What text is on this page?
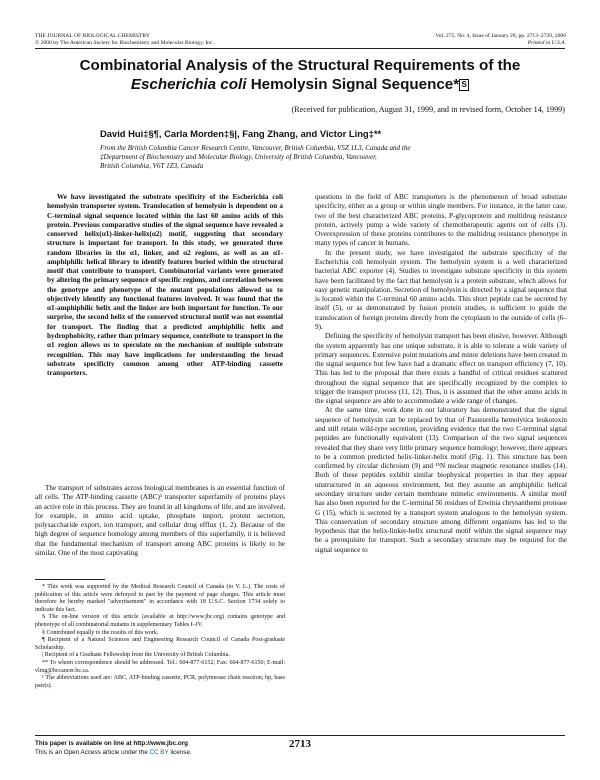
THE JOURNAL OF BIOLOGICAL CHEMISTRY
© 2000 by The American Society for Biochemistry and Molecular Biology, Inc.
Vol. 275, No. 4, Issue of January 28, pp. 2713–2720, 2000
Printed in U.S.A.
Combinatorial Analysis of the Structural Requirements of the
Escherichia coli Hemolysin Signal Sequence* S
(Received for publication, August 31, 1999, and in revised form, October 14, 1999)
David Hui‡§¶, Carla Morden‡§|, Fang Zhang, and Victor Ling‡**
From the British Columbia Cancer Research Centre, Vancouver, British Columbia, V5Z 1L3, Canada and the
‡Department of Biochemistry and Molecular Biology, University of British Columbia, Vancouver,
British Columbia, V6T 1Z3, Canada

We have investigated the substrate specificity of the Escherichia coli hemolysin transporter system. Translocation of hemolysin is dependent on a C-terminal signal sequence located within the last 60 amino acids of this protein. Previous comparative studies of the signal sequence have revealed a conserved helix(α1)-linker-helix(α2) motif, suggesting that secondary structure is important for transport. In this study, we generated three random libraries in the α1, linker, and α2 regions, as well as an α1-amphiphilic helical library to identify features buried within the structural motif that contribute to transport. Combinatorial variants were generated by altering the primary sequence of specific regions, and correlation between the genotype and phenotype of the mutant populations allowed us to objectively identify any functional features involved. It was found that the α1-amphiphilic helix and the linker are both important for function. To our surprise, the second helix of the conserved structural motif was not essential for transport. The finding that a predicted amphiphilic helix and hydrophobicity, rather than primary sequence, contribute to transport in the α1 region allows us to speculate on the mechanism of multiple substrate recognition. This may have implications for understanding the broad substrate specificity common among other ATP-binding cassette transporters.

The transport of substrates across biological membranes is an essential function of all cells. The ATP-binding cassette (ABC)¹ transporter superfamily of proteins plays an active role in this process. They are found in all kingdoms of life, and are involved, for example, in amino acid uptake, phosphate import, protein secretion, polysaccharide export, ion transport, and cellular drug efflux (1, 2). Because of the high degree of sequence homology among members of this superfamily, it is believed that the fundamental mechanism of transport among ABC proteins is likely to be similar. One of the most captivating

* This work was supported by the Medical Research Council of Canada (to V. L.). The costs of publication of this article were defrayed in part by the payment of page charges. This article must therefore be hereby marked "advertisement" in accordance with 18 U.S.C. Section 1734 solely to indicate this fact.

S The on-line version of this article (available at http://www.jbc.org) contains genotype and phenotype of all combinatorial mutants in supplementary Tables I–IV.

§ Contributed equally to the results of this work.

¶ Recipient of a Natural Sciences and Engineering Research Council of Canada Post-graduate Scholarship.

| Recipient of a Graduate Fellowship from the University of British Columbia.

** To whom correspondence should be addressed. Tel.: 604-877-6152; Fax: 604-877-6150; E-mail: vling@bccancer.bc.ca.

¹ The abbreviations used are: ABC, ATP-binding cassette; PCR, polymerase chain reaction; bp, base pair(s).

questions in the field of ABC transporters is the phenomenon of broad substrate specificity, either as a group or within single members. For instance, in the latter case, two of the best characterized ABC proteins, P-glycoprotein and multidrug resistance protein, actively pump a wide variety of chemotherapeutic agents out of cells (3). Overexpression of these proteins contributes to the multidrug resistance phenotype in many types of cancer in humans.

In the present study, we have investigated the substrate specificity of the Escherichia coli hemolysin system. The hemolysin system is a well characterized bacterial ABC exporter (4). Studies to investigate substrate specificity in this system have been facilitated by the fact that hemolysin is a protein substrate, which allows for easy genetic manipulation. Secretion of hemolysin is directed by a signal sequence that is located within the C-terminal 60 amino acids. This short peptide can be secreted by itself (5), or as demonstrated by fusion protein studies, is sufficient to guide the translocation of foreign proteins directly from the cytoplasm to the outside of cells (6–9).

Defining the specificity of hemolysin transport has been elusive, however. Although the system apparently has one unique substrate, it is able to tolerate a wide variety of primary sequences. Extensive point mutations and minor deletions have been created in the signal sequence but few have had a dramatic effect on transport efficiency (7, 10). This has led to the proposal that there exists a handful of critical residues scattered throughout the signal sequence that are specifically recognized by the complex to trigger the transport process (11, 12). Thus, it is assumed that the other amino acids in the signal sequence are able to accommodate a wide range of changes.

At the same time, work done in our laboratory has demonstrated that the signal sequence of hemolysin can be replaced by that of Pasteurella hemolytica leukotoxin and still retain wild-type secretion, providing evidence that the two C-terminal signal peptides are functionally equivalent (13). Comparison of the two signal sequences revealed that they share very little primary sequence homology; however, there appears to be a common predicted helix-linker-helix motif (Fig. 1). This structure has been confirmed by circular dichroism (9) and ¹⁵N nuclear magnetic resonance studies (14). Both of these peptides exhibit similar biophysical properties in that they appear unstructured in an aqueous environment, but they assume an amphiphilic helical secondary structure under certain membrane mimetic environments. A similar motif has also been reported for the C-terminal 56 residues of Erwinia chrysanthemi protease G (15), which is secreted by a transport system analogous to the hemolysin system. This conservation of secondary structure among different organisms has led to the hypothesis that the helix-linker-helix structural motif within the signal sequence may be a prerequisite for transport. Such a secondary structure may be required for the signal sequence to

This paper is available on line at http://www.jbc.org
This is an Open Access article under the CC BY license.
2713
